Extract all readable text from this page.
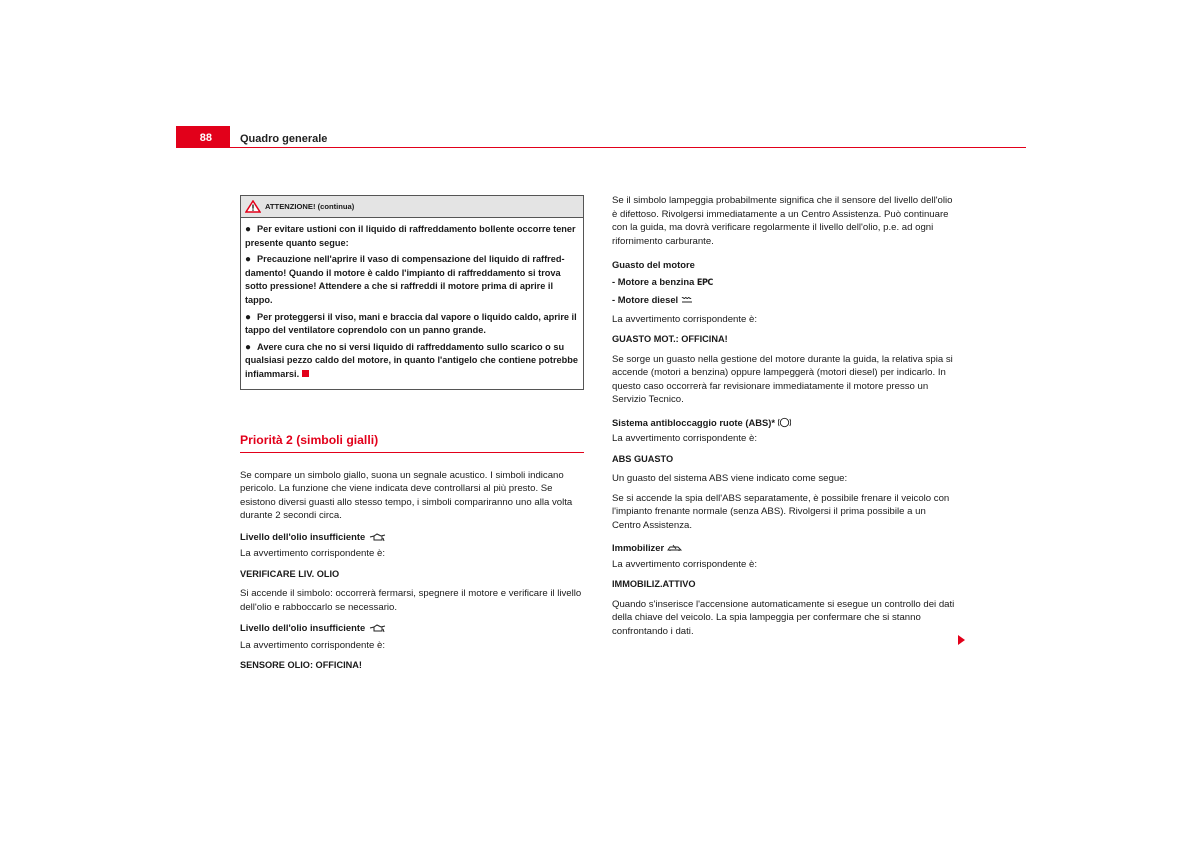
88	Quadro generale
ATTENZIONE! (continua)

● Per evitare ustioni con il liquido di raffreddamento bollente occorre tener presente quanto segue:

● Precauzione nell'aprire il vaso di compensazione del liquido di raffred-damento! Quando il motore è caldo l'impianto di raffreddamento si trova sotto pressione! Attendere a che si raffreddi il motore prima di aprire il tappo.

● Per proteggersi il viso, mani e braccia dal vapore o liquido caldo, aprire il tappo del ventilatore coprendolo con un panno grande.

● Avere cura che no si versi liquido di raffreddamento sullo scarico o su qualsiasi pezzo caldo del motore, in quanto l'antigelo che contiene potrebbe infiammarsi.

Priorità 2 (simboli gialli)

Se compare un simbolo giallo, suona un segnale acustico. I simboli indicano pericolo. La funzione che viene indicata deve controllarsi al più presto. Se esistono diversi guasti allo stesso tempo, i simboli compariranno uno alla volta durante 2 secondi circa.

Livello dell'olio insufficiente

La avvertimento corrispondente è:

VERIFICARE LIV. OLIO

Si accende il simbolo: occorrerà fermarsi, spegnere il motore e verificare il livello dell'olio e rabboccarlo se necessario.

Livello dell'olio insufficiente

La avvertimento corrispondente è:

SENSORE OLIO: OFFICINA!

Se il simbolo lampeggia probabilmente significa che il sensore del livello dell'olio è difettoso. Rivolgersi immediatamente a un Centro Assistenza. Può continuare con la guida, ma dovrà verificare regolarmente il livello dell'olio, p.e. ad ogni rifornimento carburante.

Guasto del motore

- Motore a benzina EPC

- Motore diesel

La avvertimento corrispondente è:

GUASTO MOT.: OFFICINA!

Se sorge un guasto nella gestione del motore durante la guida, la relativa spia si accende (motori a benzina) oppure lampeggerà (motori diesel) per indicarlo. In questo caso occorrerà far revisionare immediatamente il motore presso un Servizio Tecnico.

Sistema antibloccaggio ruote (ABS)*

La avvertimento corrispondente è:

ABS GUASTO

Un guasto del sistema ABS viene indicato come segue:

Se si accende la spia dell'ABS separatamente, è possibile frenare il veicolo con l'impianto frenante normale (senza ABS). Rivolgersi il prima possibile a un Centro Assistenza.

Immobilizer

La avvertimento corrispondente è:

IMMOBILIZ.ATTIVO

Quando s'inserisce l'accensione automaticamente si esegue un controllo dei dati della chiave del veicolo. La spia lampeggia per confermare che si stanno confrontando i dati.
